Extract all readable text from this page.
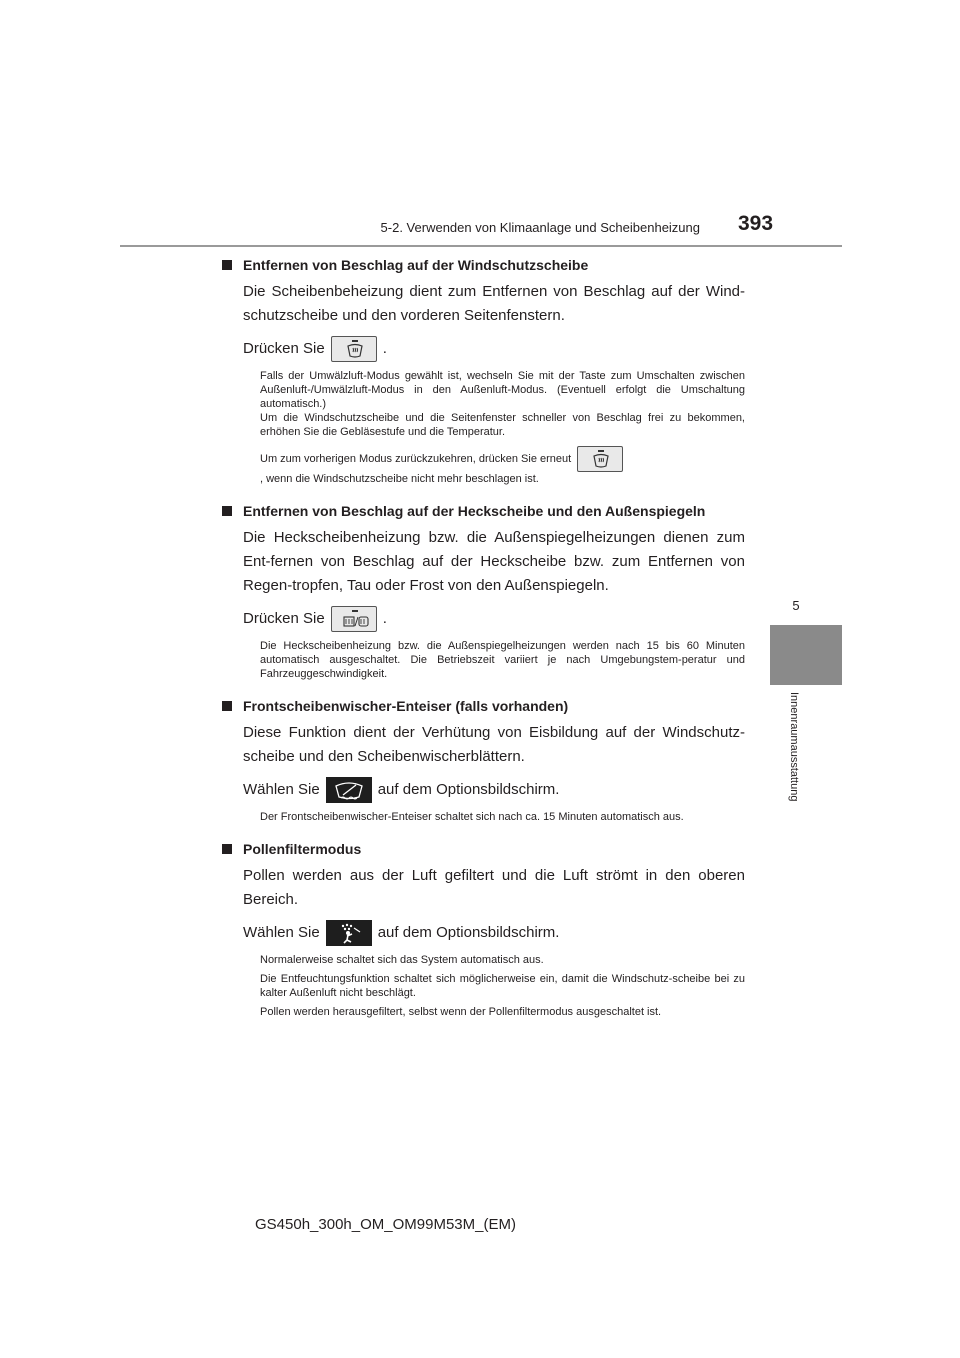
5-2. Verwenden von Klimaanlage und Scheibenheizung 393
5
Innenraumausstattung
Entfernen von Beschlag auf der Windschutzscheibe
Die Scheibenbeheizung dient zum Entfernen von Beschlag auf der Wind-schutzscheibe und den vorderen Seitenfenstern.
Drücken Sie	.
Falls der Umwälzluft-Modus gewählt ist, wechseln Sie mit der Taste zum Umschalten zwischen Außenluft-/Umwälzluft-Modus in den Außenluft-Modus. (Eventuell erfolgt die Umschaltung automatisch.)
Um die Windschutzscheibe und die Seitenfenster schneller von Beschlag frei zu bekommen, erhöhen Sie die Gebläsestufe und die Temperatur.
Um zum vorherigen Modus zurückzukehren, drücken Sie erneut
, wenn die Windschutzscheibe nicht mehr beschlagen ist.
Entfernen von Beschlag auf der Heckscheibe und den Außenspiegeln
Die Heckscheibenheizung bzw. die Außenspiegelheizungen dienen zum Ent-fernen von Beschlag auf der Heckscheibe bzw. zum Entfernen von Regen-tropfen, Tau oder Frost von den Außenspiegeln.
Drücken Sie	.
Die Heckscheibenheizung bzw. die Außenspiegelheizungen werden nach 15 bis 60 Minuten automatisch ausgeschaltet. Die Betriebszeit variiert je nach Umgebungstem-peratur und Fahrzeuggeschwindigkeit.
Frontscheibenwischer-Enteiser (falls vorhanden)
Diese Funktion dient der Verhütung von Eisbildung auf der Windschutz-scheibe und den Scheibenwischerblättern.
Wählen Sie	auf dem Optionsbildschirm.
Der Frontscheibenwischer-Enteiser schaltet sich nach ca. 15 Minuten automatisch aus.
Pollenfiltermodus
Pollen werden aus der Luft gefiltert und die Luft strömt in den oberen Bereich.
Wählen Sie	auf dem Optionsbildschirm.
Normalerweise schaltet sich das System automatisch aus.
Die Entfeuchtungsfunktion schaltet sich möglicherweise ein, damit die Windschutz-scheibe bei zu kalter Außenluft nicht beschlägt.
Pollen werden herausgefiltert, selbst wenn der Pollenfiltermodus ausgeschaltet ist.
GS450h_300h_OM_OM99M53M_(EM)
